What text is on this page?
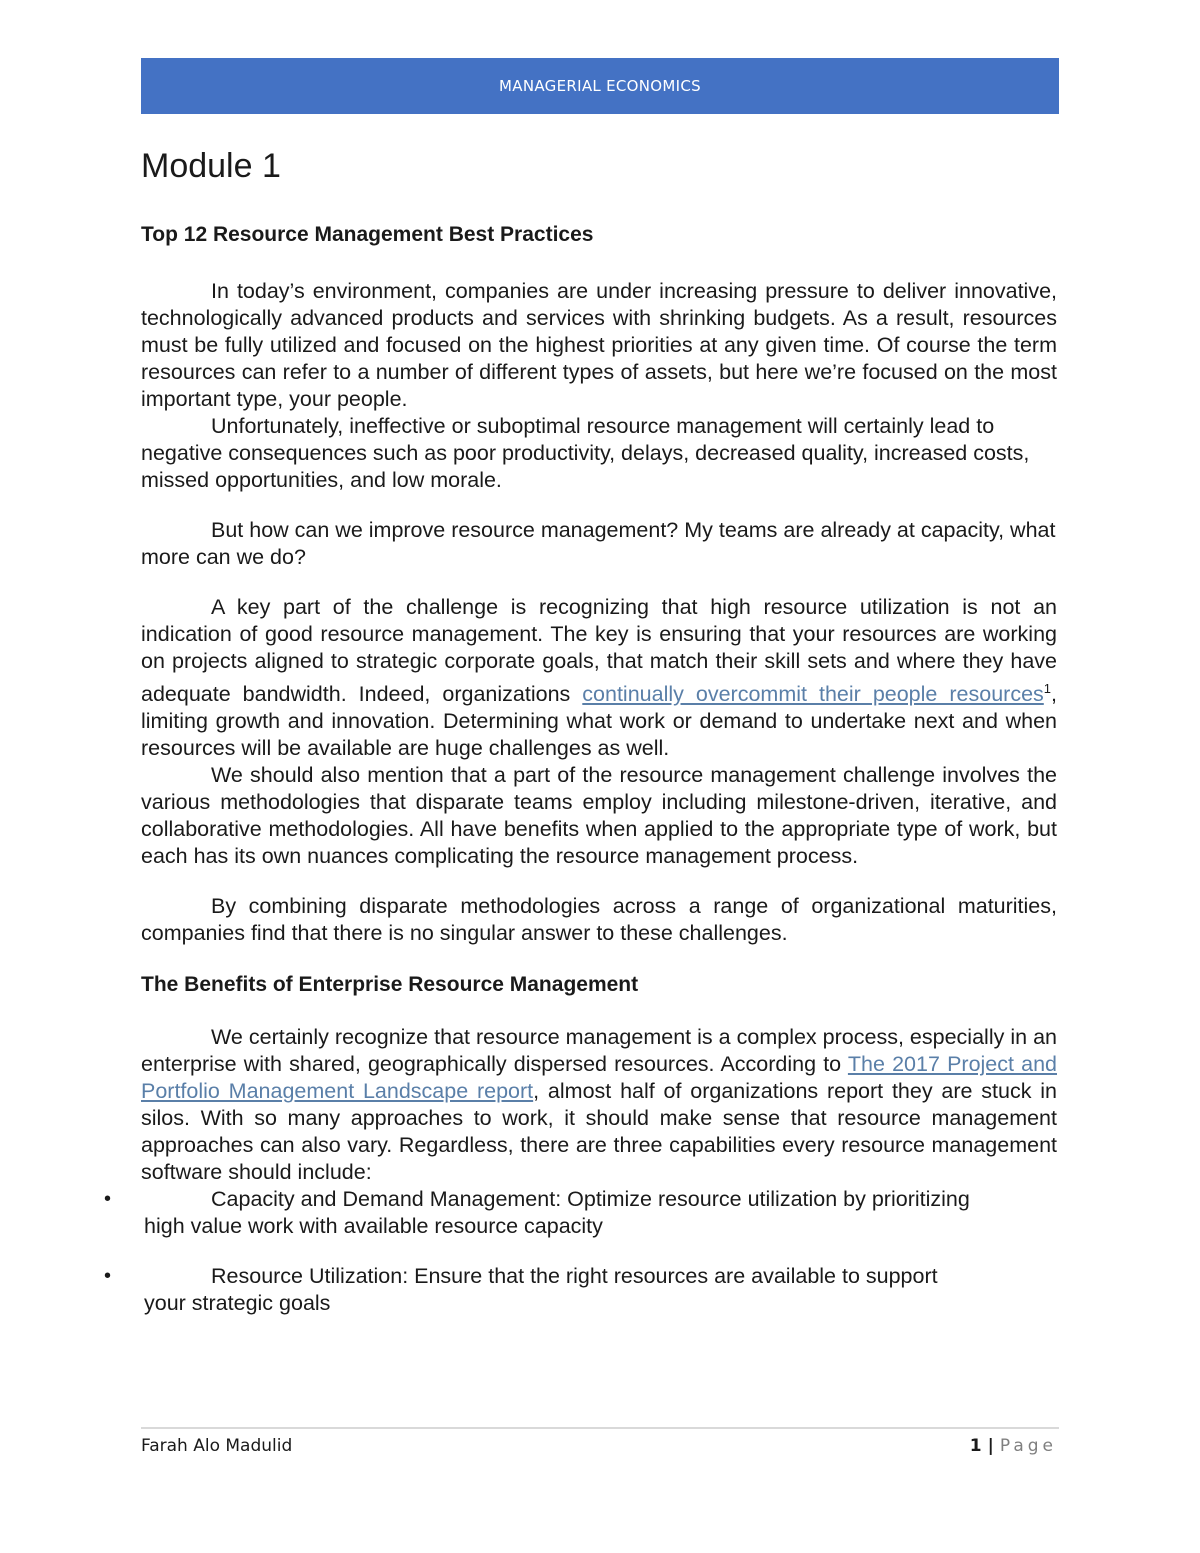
MANAGERIAL ECONOMICS
Module 1
Top 12 Resource Management Best Practices

In today’s environment, companies are under increasing pressure to deliver innovative, technologically advanced products and services with shrinking budgets. As a result, resources must be fully utilized and focused on the highest priorities at any given time. Of course the term resources can refer to a number of different types of assets, but here we’re focused on the most important type, your people.

Unfortunately, ineffective or suboptimal resource management will certainly lead to negative consequences such as poor productivity, delays, decreased quality, increased costs, missed opportunities, and low morale.

But how can we improve resource management? My teams are already at capacity, what more can we do?

A key part of the challenge is recognizing that high resource utilization is not an indication of good resource management. The key is ensuring that your resources are working on projects aligned to strategic corporate goals, that match their skill sets and where they have adequate bandwidth. Indeed, organizations continually overcommit their people resources$^1$, limiting growth and innovation. Determining what work or demand to undertake next and when resources will be available are huge challenges as well.

We should also mention that a part of the resource management challenge involves the various methodologies that disparate teams employ including milestone-driven, iterative, and collaborative methodologies. All have benefits when applied to the appropriate type of work, but each has its own nuances complicating the resource management process.

By combining disparate methodologies across a range of organizational maturities, companies find that there is no singular answer to these challenges.

The Benefits of Enterprise Resource Management

We certainly recognize that resource management is a complex process, especially in an enterprise with shared, geographically dispersed resources. According to The 2017 Project and Portfolio Management Landscape report, almost half of organizations report they are stuck in silos. With so many approaches to work, it should make sense that resource management approaches can also vary. Regardless, there are three capabilities every resource management software should include:

•	Capacity and Demand Management: Optimize resource utilization by prioritizing
high value work with available resource capacity
•	Resource Utilization: Ensure that the right resources are available to support
your strategic goals
Farah Alo Madulid	1 | Page
